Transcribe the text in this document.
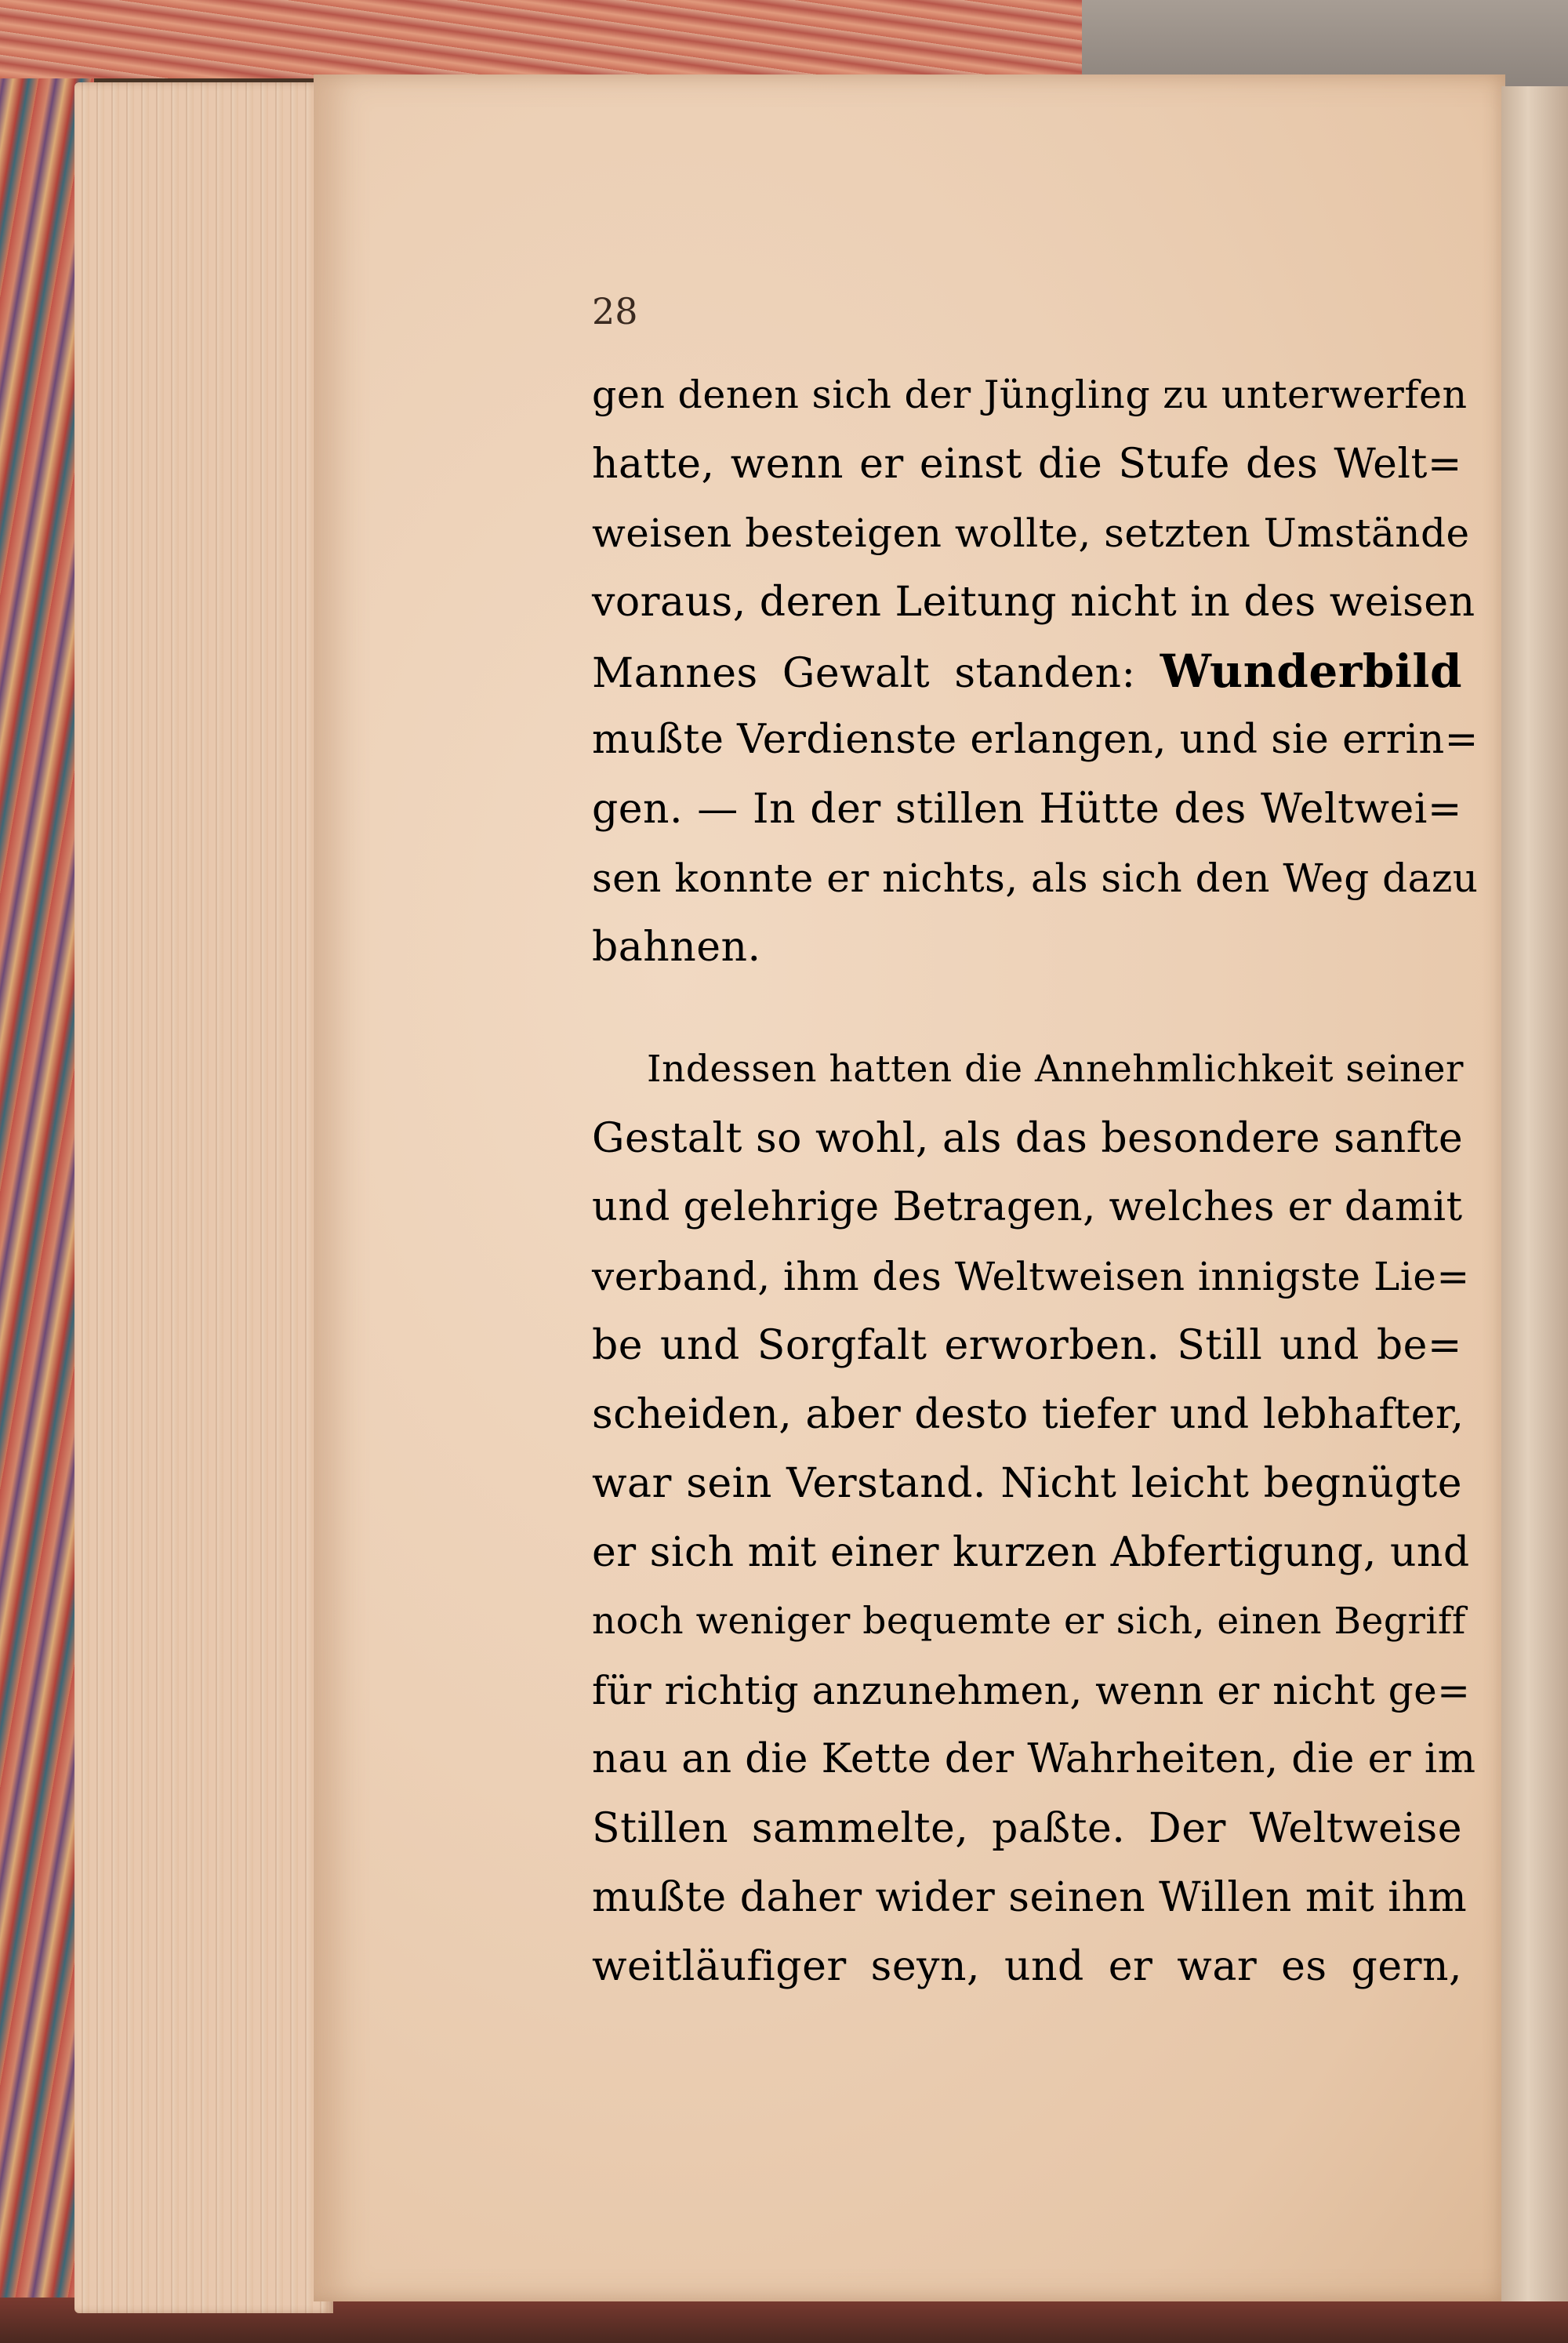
28
gen denen sich der Jüngling zu unterwerfen
hatte, wenn er einst die Stufe des Welt=
weisen besteigen wollte, setzten Umstände
voraus, deren Leitung nicht in des weisen
Mannes Gewalt standen: Wunderbild
mußte Verdienste erlangen, und sie errin=
gen. — In der stillen Hütte des Weltwei=
sen konnte er nichts, als sich den Weg dazu
bahnen.
Indessen hatten die Annehmlichkeit seiner
Gestalt so wohl, als das besondere sanfte
und gelehrige Betragen, welches er damit
verband, ihm des Weltweisen innigste Lie=
be und Sorgfalt erworben. Still und be=
scheiden, aber desto tiefer und lebhafter,
war sein Verstand. Nicht leicht begnügte
er sich mit einer kurzen Abfertigung, und
noch weniger bequemte er sich, einen Begriff
für richtig anzunehmen, wenn er nicht ge=
nau an die Kette der Wahrheiten, die er im
Stillen sammelte, paßte. Der Weltweise
mußte daher wider seinen Willen mit ihm
weitläufiger seyn, und er war es gern,
